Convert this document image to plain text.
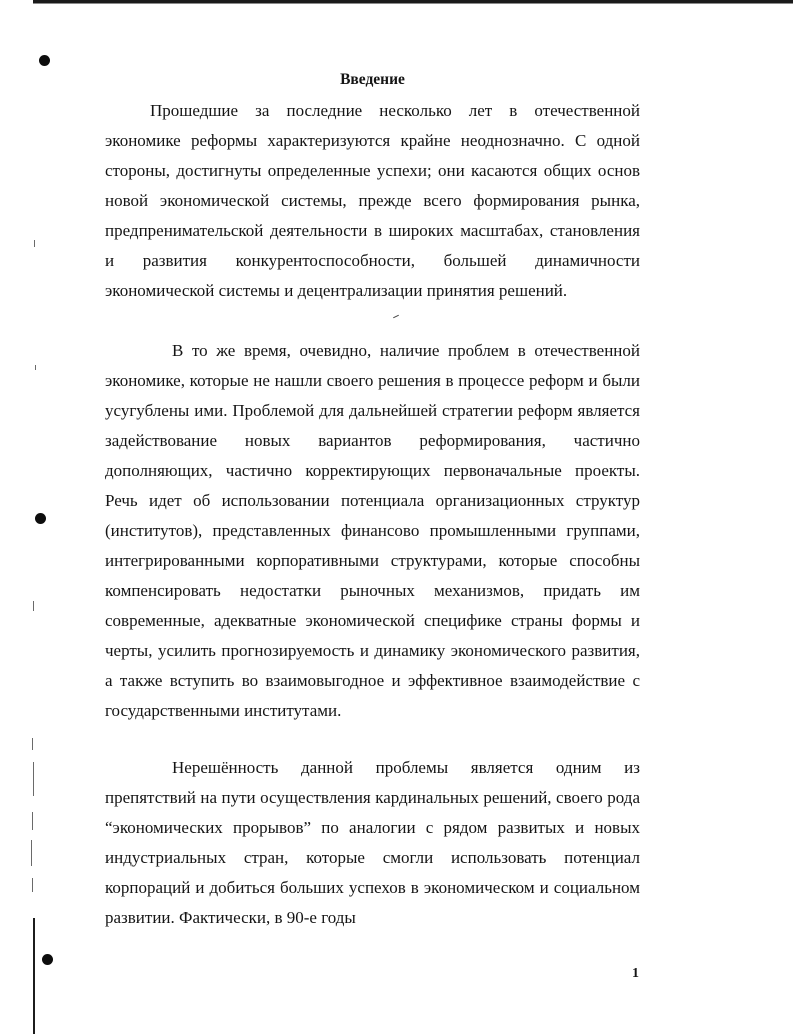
Введение

Прошедшие за последние несколько лет в отечественной экономике реформы характеризуются крайне неоднозначно. С одной стороны, достигнуты определенные успехи; они касаются общих основ новой экономической системы, прежде всего формирования рынка, предпренимательской деятельности в широких масштабах, становления и развития конкурентоспособности, большей динамичности экономической системы и децентрализации принятия решений.

В то же время, очевидно, наличие проблем в отечественной экономике, которые не нашли своего решения в процессе реформ и были усугублены ими. Проблемой для дальнейшей стратегии реформ является задействование новых вариантов реформирования, частично дополняющих, частично корректирующих первоначальные проекты. Речь идет об использовании потенциала организационных структур (институтов), представленных финансово промышленными группами, интегрированными корпоративными структурами, которые способны компенсировать недостатки рыночных механизмов, придать им современные, адекватные экономической специфике страны формы и черты, усилить прогнозируемость и динамику экономического развития, а также вступить во взаимовыгодное и эффективное взаимодействие с государственными институтами.

Нерешённость данной проблемы является одним из препятствий на пути осуществления кардинальных решений, своего рода “экономических прорывов” по аналогии с рядом развитых и новых индустриальных стран, которые смогли использовать потенциал корпораций и добиться больших успехов в экономическом и социальном развитии. Фактически, в 90-е годы

1
